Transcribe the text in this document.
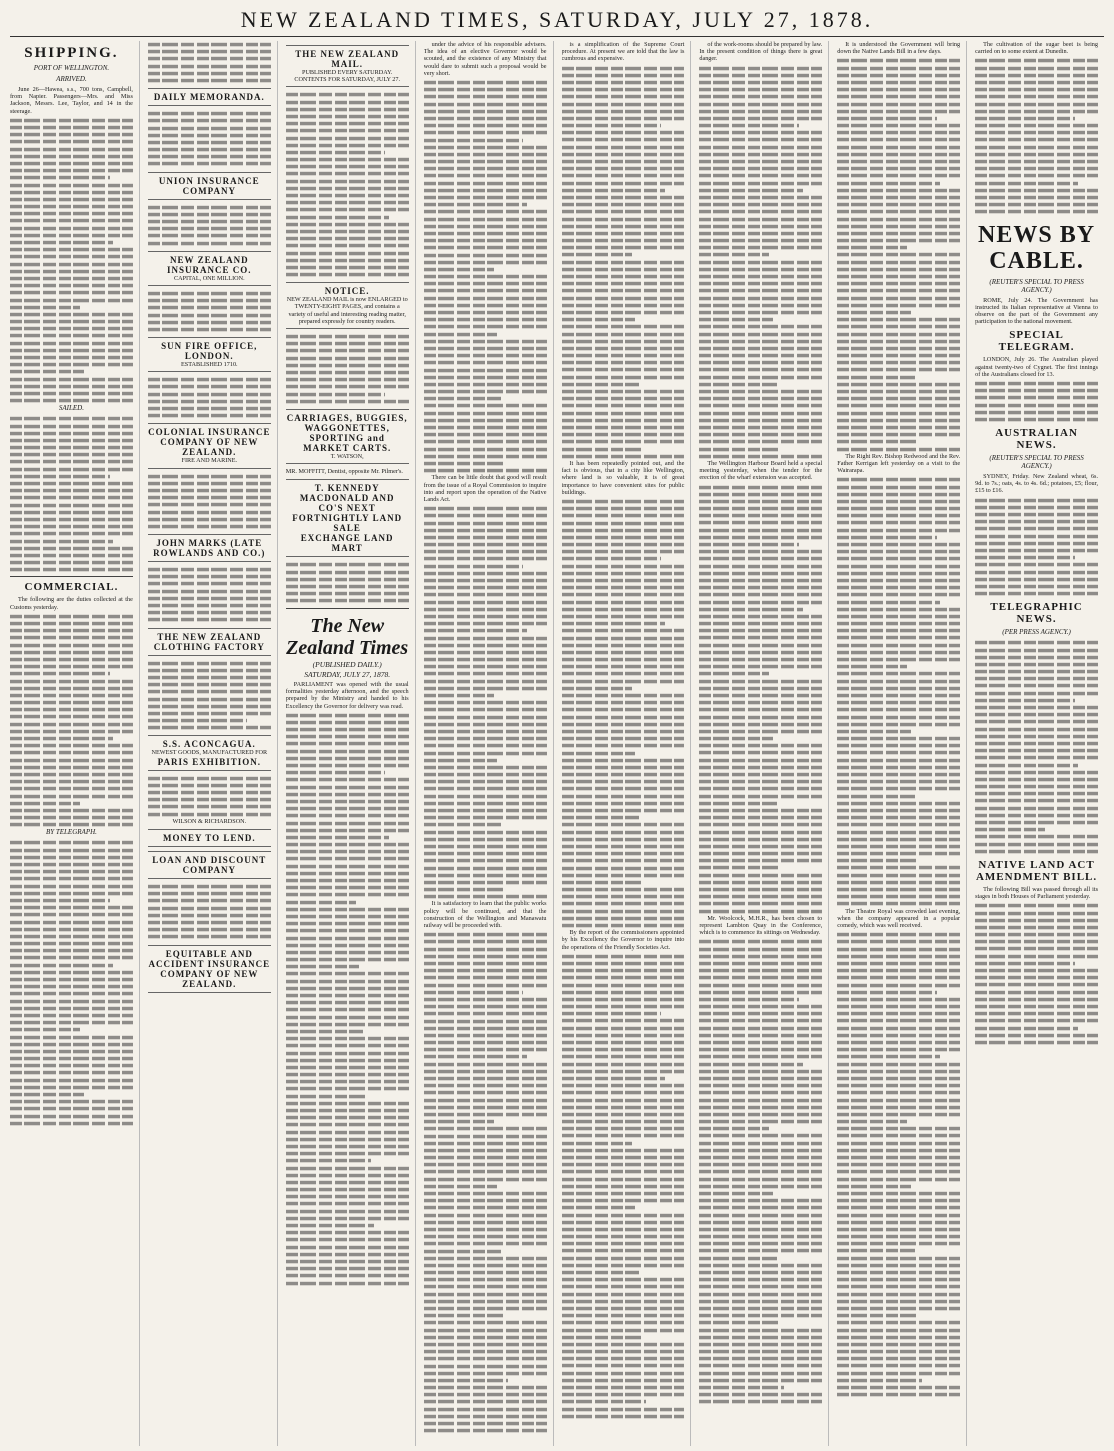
NEW ZEALAND TIMES, SATURDAY, JULY 27, 1878.
SHIPPING.
PORT OF WELLINGTON.
ARRIVED.
June 26—Hawea, s.s., 700 tons, Campbell, from Napier. Passengers—Mrs. and Miss Jackson, Messrs. Lee, Taylor, and 14 in the steerage.
SAILED.
COMMERCIAL.
The following are the duties collected at the Customs yesterday.
BY TELEGRAPH.
DAILY MEMORANDA.
UNION INSURANCE COMPANY
NEW ZEALAND INSURANCE CO.
CAPITAL, ONE MILLION.
SUN FIRE OFFICE, LONDON.
ESTABLISHED 1710.
COLONIAL INSURANCE COMPANY OF NEW ZEALAND.
FIRE AND MARINE.
JOHN MARKS (LATE ROWLANDS AND CO.)
THE NEW ZEALAND CLOTHING FACTORY
S.S. ACONCAGUA.
NEWEST GOODS, MANUFACTURED FOR
PARIS EXHIBITION.
WILSON & RICHARDSON.
MONEY TO LEND.
LOAN AND DISCOUNT COMPANY
EQUITABLE AND ACCIDENT INSURANCE COMPANY OF NEW ZEALAND.
THE NEW ZEALAND MAIL.
PUBLISHED EVERY SATURDAY.
CONTENTS FOR SATURDAY, JULY 27.
NOTICE.
NEW ZEALAND MAIL is now ENLARGED to TWENTY-EIGHT PAGES, and contains a variety of useful and interesting reading matter, prepared expressly for country readers.
CARRIAGES, BUGGIES, WAGGONETTES, SPORTING and MARKET CARTS.
T. WATSON,
MR. MOFFITT, Dentist, opposite Mr. Pilmer's.
T. KENNEDY MACDONALD AND CO'S NEXT FORTNIGHTLY LAND SALE
EXCHANGE LAND MART
The New Zealand Times
(PUBLISHED DAILY.)
SATURDAY, JULY 27, 1878.
PARLIAMENT was opened with the usual formalities yesterday afternoon, and the speech prepared by the Ministry and handed to his Excellency the Governor for delivery was read.
under the advice of his responsible advisers. The idea of an elective Governor would be scouted, and the existence of any Ministry that would dare to submit such a proposal would be very short.
There can be little doubt that good will result from the issue of a Royal Commission to inquire into and report upon the operation of the Native Lands Act.
It is satisfactory to learn that the public works policy will be continued, and that the construction of the Wellington and Manawatu railway will be proceeded with.
is a simplification of the Supreme Court procedure. At present we are told that the law is cumbrous and expensive.
It has been repeatedly pointed out, and the fact is obvious, that in a city like Wellington, where land is so valuable, it is of great importance to have convenient sites for public buildings.
By the report of the commissioners appointed by his Excellency the Governor to inquire into the operations of the Friendly Societies Act.
of the work-rooms should be prepared by law. In the present condition of things there is great danger.
The Wellington Harbour Board held a special meeting yesterday, when the tender for the erection of the wharf extension was accepted.
Mr. Woolcock, M.H.R., has been chosen to represent Lambton Quay in the Conference, which is to commence its sittings on Wednesday.
It is understood the Government will bring down the Native Lands Bill in a few days.
The Right Rev. Bishop Redwood and the Rev. Father Kerrigan left yesterday on a visit to the Wairarapa.
The Theatre Royal was crowded last evening, when the company appeared in a popular comedy, which was well received.
The cultivation of the sugar beet is being carried on to some extent at Dunedin.
NEWS BY CABLE.
(REUTER'S SPECIAL TO PRESS AGENCY.)
ROME, July 24. The Government has instructed its Italian representative at Vienna to observe on the part of the Government any participation to the national movement.
SPECIAL TELEGRAM.
LONDON, July 26. The Australian played against twenty-two of Cygnet. The first innings of the Australians closed for 13.
AUSTRALIAN NEWS.
(REUTER'S SPECIAL TO PRESS AGENCY.)
SYDNEY, Friday. New Zealand wheat, 6s. 9d. to 7s.; oats, 4s. to 4s. 6d.; potatoes, £5; flour, £15 to £16.
TELEGRAPHIC NEWS.
(PER PRESS AGENCY.)
NATIVE LAND ACT AMENDMENT BILL.
The following Bill was passed through all its stages in both Houses of Parliament yesterday.
